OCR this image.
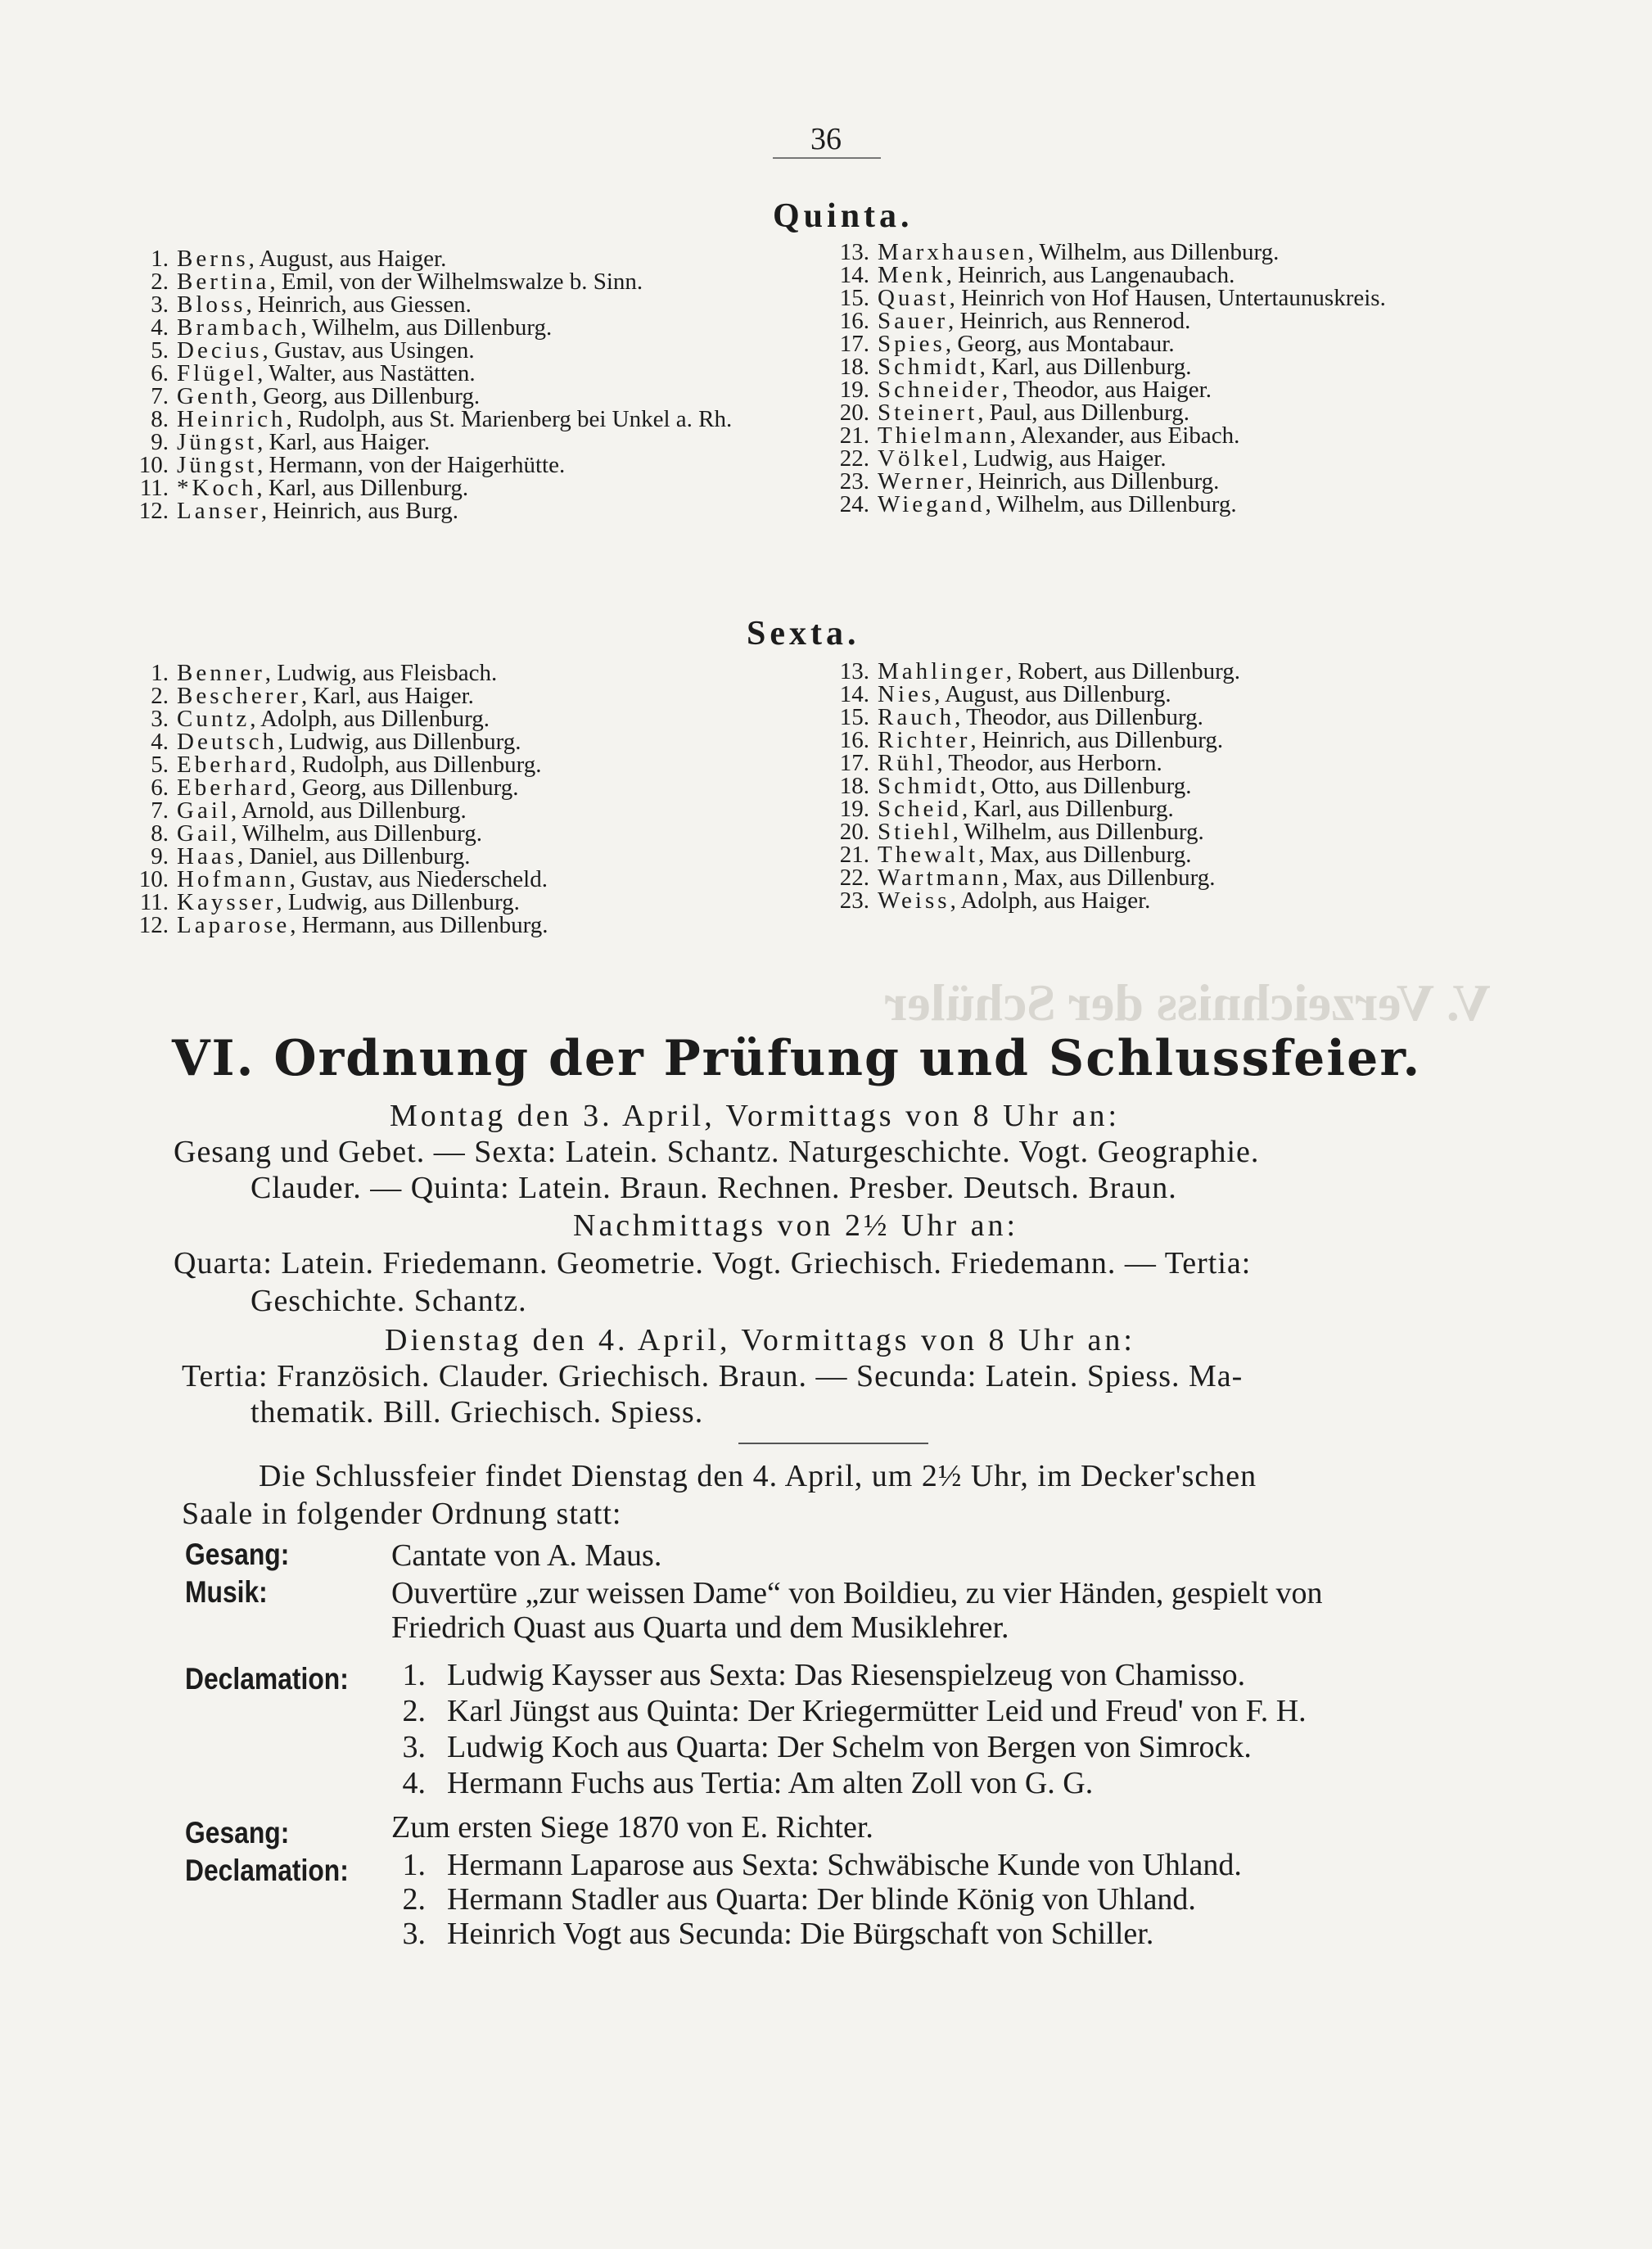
V. Verzeichniss der Schüler
36
Quinta.

1. Berns, August, aus Haiger.

2. Bertina, Emil, von der Wilhelmswalze b. Sinn.

3. Bloss, Heinrich, aus Giessen.

4. Brambach, Wilhelm, aus Dillenburg.

5. Decius, Gustav, aus Usingen.

6. Flügel, Walter, aus Nastätten.

7. Genth, Georg, aus Dillenburg.

8. Heinrich, Rudolph, aus St. Marienberg bei Unkel a. Rh.

9. Jüngst, Karl, aus Haiger.

10. Jüngst, Hermann, von der Haigerhütte.

11. *Koch, Karl, aus Dillenburg.

12. Lanser, Heinrich, aus Burg.

13. Marxhausen, Wilhelm, aus Dillenburg.

14. Menk, Heinrich, aus Langenaubach.

15. Quast, Heinrich von Hof Hausen, Untertaunuskreis.

16. Sauer, Heinrich, aus Rennerod.

17. Spies, Georg, aus Montabaur.

18. Schmidt, Karl, aus Dillenburg.

19. Schneider, Theodor, aus Haiger.

20. Steinert, Paul, aus Dillenburg.

21. Thielmann, Alexander, aus Eibach.

22. Völkel, Ludwig, aus Haiger.

23. Werner, Heinrich, aus Dillenburg.

24. Wiegand, Wilhelm, aus Dillenburg.

Sexta.

1. Benner, Ludwig, aus Fleisbach.

2. Bescherer, Karl, aus Haiger.

3. Cuntz, Adolph, aus Dillenburg.

4. Deutsch, Ludwig, aus Dillenburg.

5. Eberhard, Rudolph, aus Dillenburg.

6. Eberhard, Georg, aus Dillenburg.

7. Gail, Arnold, aus Dillenburg.

8. Gail, Wilhelm, aus Dillenburg.

9. Haas, Daniel, aus Dillenburg.

10. Hofmann, Gustav, aus Niederscheld.

11. Kaysser, Ludwig, aus Dillenburg.

12. Laparose, Hermann, aus Dillenburg.

13. Mahlinger, Robert, aus Dillenburg.

14. Nies, August, aus Dillenburg.

15. Rauch, Theodor, aus Dillenburg.

16. Richter, Heinrich, aus Dillenburg.

17. Rühl, Theodor, aus Herborn.

18. Schmidt, Otto, aus Dillenburg.

19. Scheid, Karl, aus Dillenburg.

20. Stiehl, Wilhelm, aus Dillenburg.

21. Thewalt, Max, aus Dillenburg.

22. Wartmann, Max, aus Dillenburg.

23. Weiss, Adolph, aus Haiger.

VI. Ordnung der Prüfung und Schlussfeier.
Montag den 3. April, Vormittags von 8 Uhr an:
Gesang und Gebet. — Sexta: Latein. Schantz. Naturgeschichte. Vogt. Geographie.
Clauder. — Quinta: Latein. Braun. Rechnen. Presber. Deutsch. Braun.
Nachmittags von 2½ Uhr an:
Quarta: Latein. Friedemann. Geometrie. Vogt. Griechisch. Friedemann. — Tertia:
Geschichte. Schantz.
Dienstag den 4. April, Vormittags von 8 Uhr an:
Tertia: Französich. Clauder. Griechisch. Braun. — Secunda: Latein. Spiess. Ma-
thematik. Bill. Griechisch. Spiess.
Die Schlussfeier findet Dienstag den 4. April, um 2½ Uhr, im Decker'schen
Saale in folgender Ordnung statt:
Gesang:	Cantate von A. Maus.
Musik:	Ouvertüre „zur weissen Dame“ von Boildieu, zu vier Händen, gespielt von
Friedrich Quast aus Quarta und dem Musiklehrer.
Declamation:	1. Ludwig Kaysser aus Sexta: Das Riesenspielzeug von Chamisso.
2. Karl Jüngst aus Quinta: Der Kriegermütter Leid und Freud' von F. H.
3. Ludwig Koch aus Quarta: Der Schelm von Bergen von Simrock.
4. Hermann Fuchs aus Tertia: Am alten Zoll von G. G.
Gesang:	Zum ersten Siege 1870 von E. Richter.
Declamation:	1. Hermann Laparose aus Sexta: Schwäbische Kunde von Uhland.
2. Hermann Stadler aus Quarta: Der blinde König von Uhland.
3. Heinrich Vogt aus Secunda: Die Bürgschaft von Schiller.
